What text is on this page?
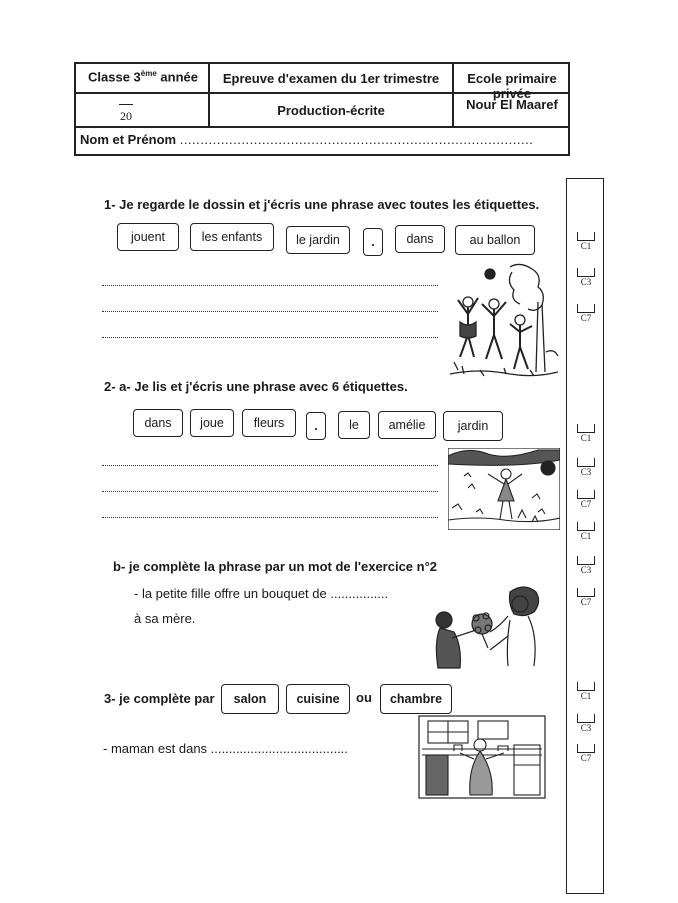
Classe 3ème année	Epreuve d'examen du 1er trimestre	Ecole primaire privée
20	Production-écrite	Nour El Maaref
Nom et Prénom ......................................................................................
1- Je regarde le dossin et j'écris une phrase avec toutes les étiquettes.
jouent	les enfants	le jardin	.	dans	au ballon	C1
C3
C7
2- a- Je lis et j'écris une phrase avec 6 étiquettes.
dans	joue	fleurs	.	le	amélie	jardin
C1
C3
C7
b- je complète la phrase par un mot de l'exercice n°2
- la petite fille offre un bouquet de ................
à sa mère.
C1
C3
C7
3- je complète par	salon	cuisine	ou	chambre
- maman est dans ......................................
C1
C3
C7
